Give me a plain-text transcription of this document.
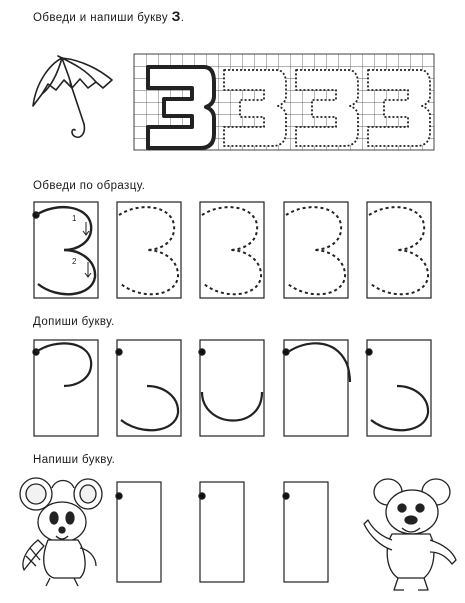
Обведи и напиши букву З.
Обведи по образцу.
Допиши букву.
Напиши букву.
1
2
